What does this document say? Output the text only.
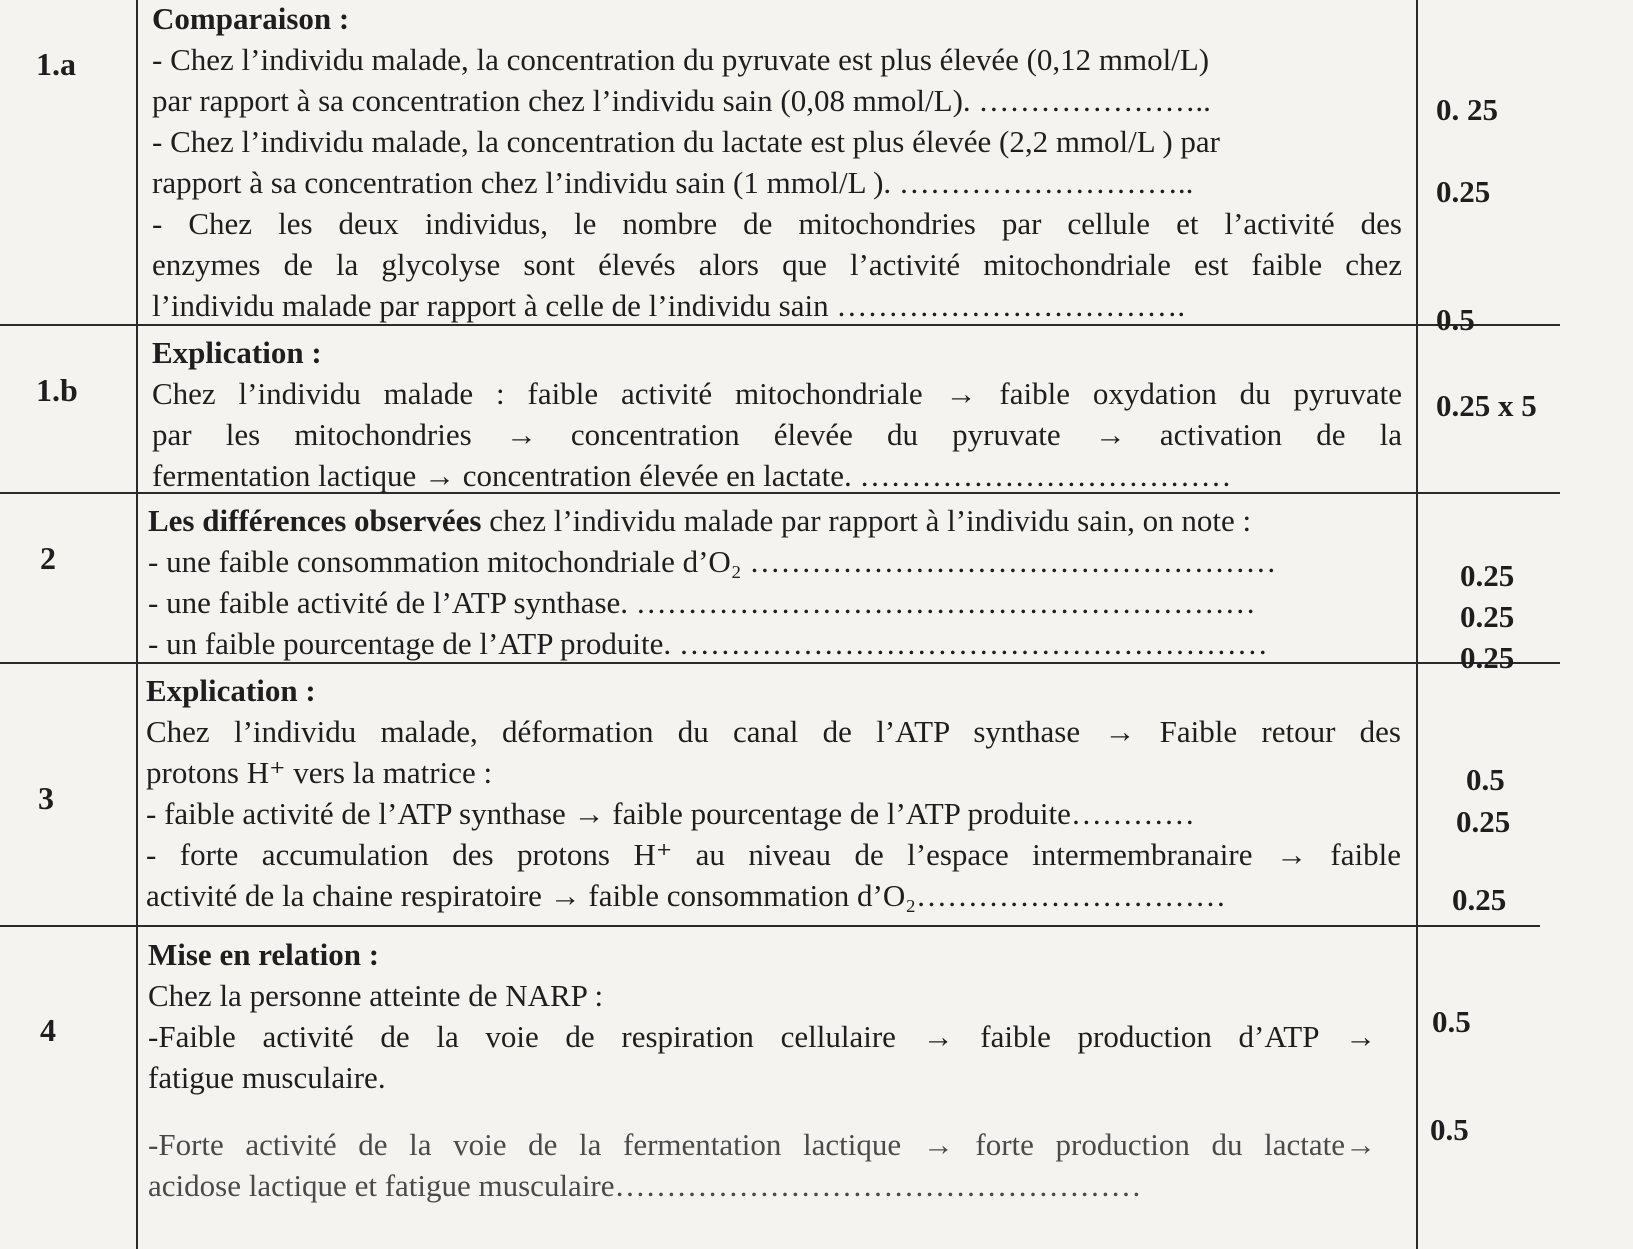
1.a
Comparaison :
- Chez l’individu malade, la concentration du pyruvate est plus élevée (0,12 mmol/L)
par rapport à sa concentration chez l’individu sain (0,08 mmol/L). …………………..
- Chez l’individu malade, la concentration du lactate est plus élevée (2,2 mmol/L ) par
rapport à sa concentration chez l’individu sain (1 mmol/L ). ………………………..
- Chez les deux individus, le nombre de mitochondries par cellule et l’activité des
enzymes de la glycolyse sont élevés alors que l’activité mitochondriale est faible chez
l’individu malade par rapport à celle de l’individu sain …………………………….
0. 25
0.25
0.5
1.b
Explication :
Chez l’individu malade : faible activité mitochondriale → faible oxydation du pyruvate
par les mitochondries → concentration élevée du pyruvate → activation de la
fermentation lactique → concentration élevée en lactate. ………………………………
0.25 x 5
2
Les différences observées chez l’individu malade par rapport à l’individu sain, on note :
- une faible consommation mitochondriale d’O₂ ……………………………………………
- une faible activité de l’ATP synthase. ……………………………………………………
- un faible pourcentage de l’ATP produite. …………………………………………………
0.25
0.25
0.25
3
Explication :
Chez l’individu malade, déformation du canal de l’ATP synthase → Faible retour des
protons H⁺ vers la matrice :
- faible activité de l’ATP synthase → faible pourcentage de l’ATP produite…………
- forte accumulation des protons H⁺ au niveau de l’espace intermembranaire → faible
activité de la chaine respiratoire → faible consommation d’O₂…………………………
0.5
0.25
0.25
4
Mise en relation :
Chez la personne atteinte de NARP :
-Faible activité de la voie de respiration cellulaire → faible production d’ATP →
fatigue musculaire.
-Forte activité de la voie de la fermentation lactique → forte production du lactate→
acidose lactique et fatigue musculaire……………………………………………
0.5
0.5
